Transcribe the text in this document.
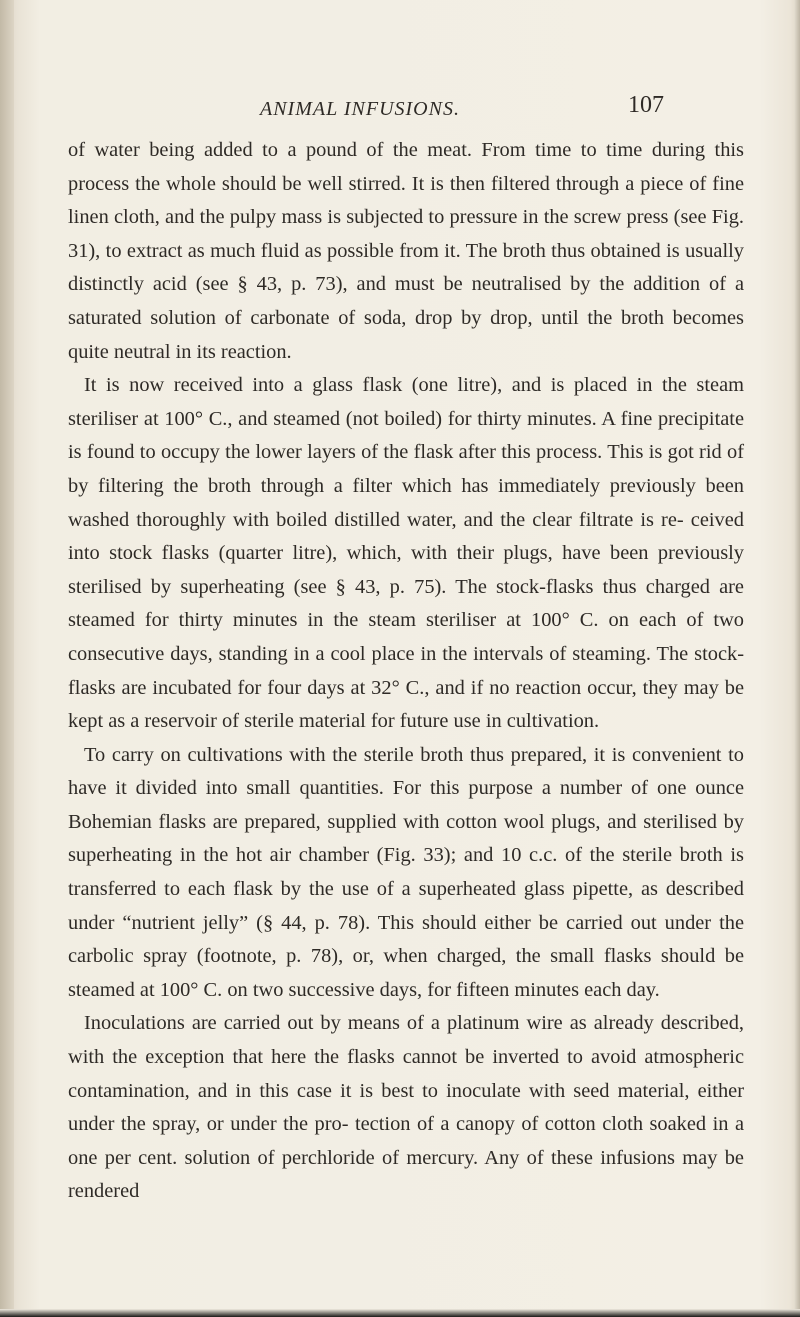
ANIMAL INFUSIONS.	107

of water being added to a pound of the meat. From time to time during this process the whole should be well stirred. It is then filtered through a piece of fine linen cloth, and the pulpy mass is subjected to pressure in the screw press (see Fig. 31), to extract as much fluid as possible from it. The broth thus obtained is usually distinctly acid (see § 43, p. 73), and must be neutralised by the addition of a saturated solution of carbonate of soda, drop by drop, until the broth becomes quite neutral in its reaction.

It is now received into a glass flask (one litre), and is placed in the steam steriliser at 100° C., and steamed (not boiled) for thirty minutes. A fine precipitate is found to occupy the lower layers of the flask after this process. This is got rid of by filtering the broth through a filter which has immediately previously been washed thoroughly with boiled distilled water, and the clear filtrate is re- ceived into stock flasks (quarter litre), which, with their plugs, have been previously sterilised by superheating (see § 43, p. 75). The stock-flasks thus charged are steamed for thirty minutes in the steam steriliser at 100° C. on each of two consecutive days, standing in a cool place in the intervals of steaming. The stock-flasks are incubated for four days at 32° C., and if no reaction occur, they may be kept as a reservoir of sterile material for future use in cultivation.

To carry on cultivations with the sterile broth thus prepared, it is convenient to have it divided into small quantities. For this purpose a number of one ounce Bohemian flasks are prepared, supplied with cotton wool plugs, and sterilised by superheating in the hot air chamber (Fig. 33); and 10 c.c. of the sterile broth is transferred to each flask by the use of a superheated glass pipette, as described under “nutrient jelly” (§ 44, p. 78). This should either be carried out under the carbolic spray (footnote, p. 78), or, when charged, the small flasks should be steamed at 100° C. on two successive days, for fifteen minutes each day.

Inoculations are carried out by means of a platinum wire as already described, with the exception that here the flasks cannot be inverted to avoid atmospheric contamination, and in this case it is best to inoculate with seed material, either under the spray, or under the pro- tection of a canopy of cotton cloth soaked in a one per cent. solution of perchloride of mercury. Any of these infusions may be rendered
